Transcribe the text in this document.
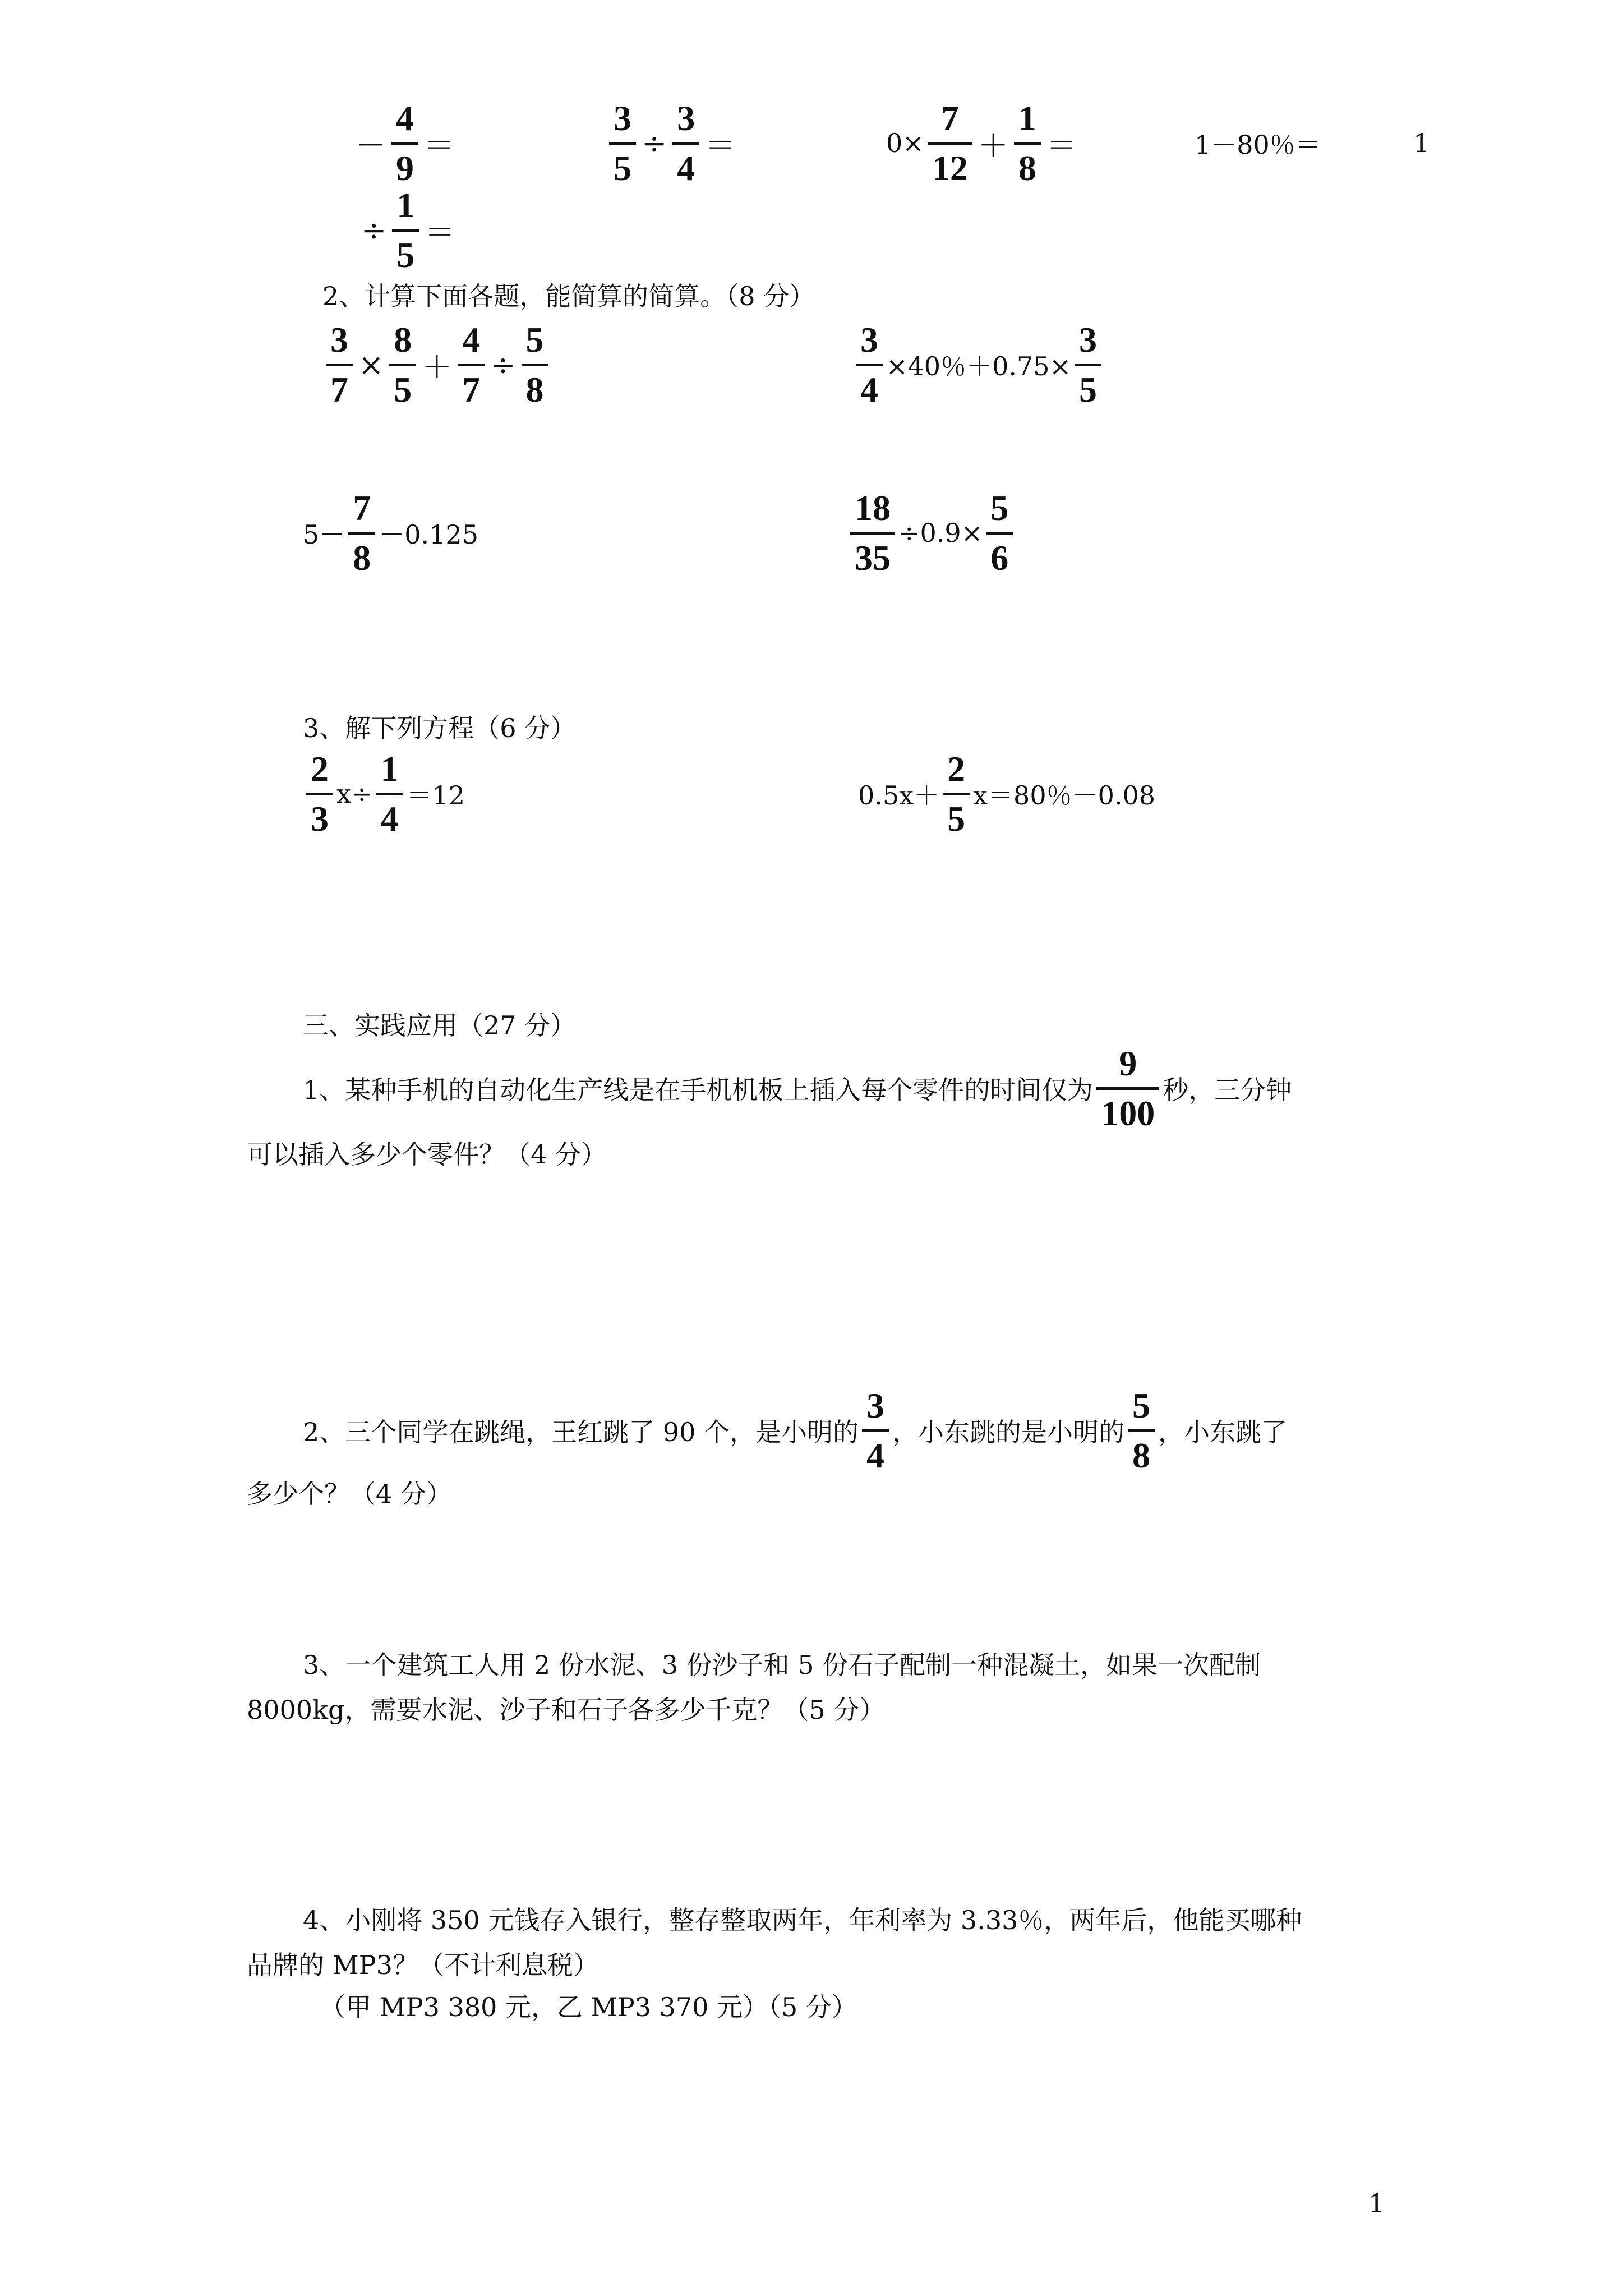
－
4
9
＝
3
5
÷
3
4
＝	0×
7
12
＋
1
8
＝	1－80％＝	1
÷
1
5
＝
2、计算下面各题，能简算的简算。（8 分）
3
7
×
8
5
＋
4
7
÷
5
8
3
4
×40％＋0.75×
3
5
5－
7
8
－0.125
18
35
÷0.9×
5
6
3、解下列方程（6 分）
2
3
x÷
1
4
＝12	0.5x＋
2
5
x＝80％－0.08
三、实践应用（27 分）
1、某种手机的自动化生产线是在手机机板上插入每个零件的时间仅为
9
100
秒，三分钟
可以插入多少个零件？（4 分）
2、三个同学在跳绳，王红跳了 90 个，是小明的
3
4
，小东跳的是小明的
5
8
，小东跳了
多少个？（4 分）
3、一个建筑工人用 2 份水泥、3 份沙子和 5 份石子配制一种混凝土，如果一次配制
8000kg，需要水泥、沙子和石子各多少千克？（5 分）
4、小刚将 350 元钱存入银行，整存整取两年，年利率为 3.33％，两年后，他能买哪种
品牌的 MP3？（不计利息税）
（甲 MP3 380 元，乙 MP3 370 元）（5 分）
1
